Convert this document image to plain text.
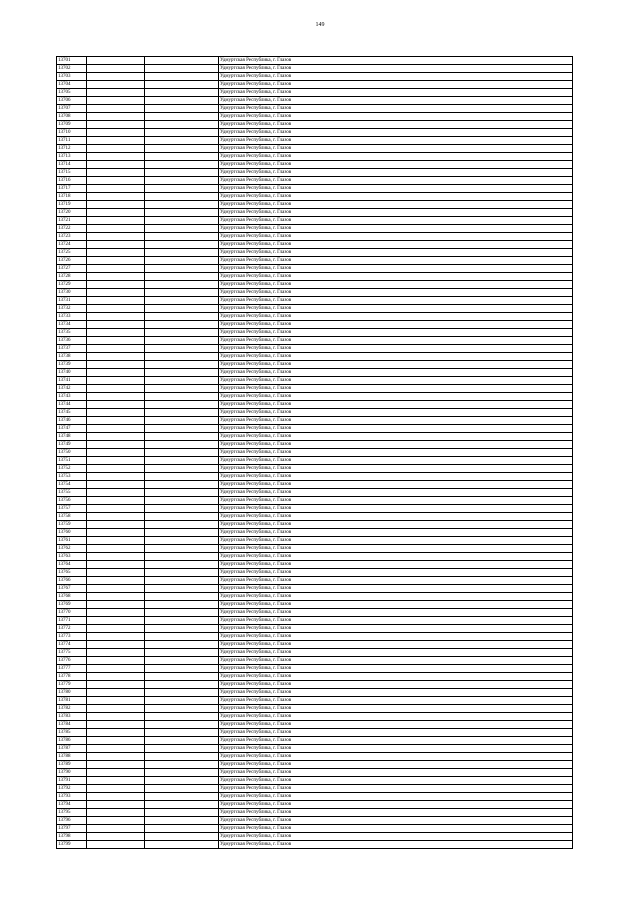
149
13701	Удмуртская Республика, г. Глазов
13702	Удмуртская Республика, г. Глазов
13703	Удмуртская Республика, г. Глазов
13704	Удмуртская Республика, г. Глазов
13705	Удмуртская Республика, г. Глазов
13706	Удмуртская Республика, г. Глазов
13707	Удмуртская Республика, г. Глазов
13708	Удмуртская Республика, г. Глазов
13709	Удмуртская Республика, г. Глазов
13710	Удмуртская Республика, г. Глазов
13711	Удмуртская Республика, г. Глазов
13712	Удмуртская Республика, г. Глазов
13713	Удмуртская Республика, г. Глазов
13714	Удмуртская Республика, г. Глазов
13715	Удмуртская Республика, г. Глазов
13716	Удмуртская Республика, г. Глазов
13717	Удмуртская Республика, г. Глазов
13718	Удмуртская Республика, г. Глазов
13719	Удмуртская Республика, г. Глазов
13720	Удмуртская Республика, г. Глазов
13721	Удмуртская Республика, г. Глазов
13722	Удмуртская Республика, г. Глазов
13723	Удмуртская Республика, г. Глазов
13724	Удмуртская Республика, г. Глазов
13725	Удмуртская Республика, г. Глазов
13726	Удмуртская Республика, г. Глазов
13727	Удмуртская Республика, г. Глазов
13728	Удмуртская Республика, г. Глазов
13729	Удмуртская Республика, г. Глазов
13730	Удмуртская Республика, г. Глазов
13731	Удмуртская Республика, г. Глазов
13732	Удмуртская Республика, г. Глазов
13733	Удмуртская Республика, г. Глазов
13734	Удмуртская Республика, г. Глазов
13735	Удмуртская Республика, г. Глазов
13736	Удмуртская Республика, г. Глазов
13737	Удмуртская Республика, г. Глазов
13738	Удмуртская Республика, г. Глазов
13739	Удмуртская Республика, г. Глазов
13740	Удмуртская Республика, г. Глазов
13741	Удмуртская Республика, г. Глазов
13742	Удмуртская Республика, г. Глазов
13743	Удмуртская Республика, г. Глазов
13744	Удмуртская Республика, г. Глазов
13745	Удмуртская Республика, г. Глазов
13746	Удмуртская Республика, г. Глазов
13747	Удмуртская Республика, г. Глазов
13748	Удмуртская Республика, г. Глазов
13749	Удмуртская Республика, г. Глазов
13750	Удмуртская Республика, г. Глазов
13751	Удмуртская Республика, г. Глазов
13752	Удмуртская Республика, г. Глазов
13753	Удмуртская Республика, г. Глазов
13754	Удмуртская Республика, г. Глазов
13755	Удмуртская Республика, г. Глазов
13756	Удмуртская Республика, г. Глазов
13757	Удмуртская Республика, г. Глазов
13758	Удмуртская Республика, г. Глазов
13759	Удмуртская Республика, г. Глазов
13760	Удмуртская Республика, г. Глазов
13761	Удмуртская Республика, г. Глазов
13762	Удмуртская Республика, г. Глазов
13763	Удмуртская Республика, г. Глазов
13764	Удмуртская Республика, г. Глазов
13765	Удмуртская Республика, г. Глазов
13766	Удмуртская Республика, г. Глазов
13767	Удмуртская Республика, г. Глазов
13768	Удмуртская Республика, г. Глазов
13769	Удмуртская Республика, г. Глазов
13770	Удмуртская Республика, г. Глазов
13771	Удмуртская Республика, г. Глазов
13772	Удмуртская Республика, г. Глазов
13773	Удмуртская Республика, г. Глазов
13774	Удмуртская Республика, г. Глазов
13775	Удмуртская Республика, г. Глазов
13776	Удмуртская Республика, г. Глазов
13777	Удмуртская Республика, г. Глазов
13778	Удмуртская Республика, г. Глазов
13779	Удмуртская Республика, г. Глазов
13780	Удмуртская Республика, г. Глазов
13781	Удмуртская Республика, г. Глазов
13782	Удмуртская Республика, г. Глазов
13783	Удмуртская Республика, г. Глазов
13784	Удмуртская Республика, г. Глазов
13785	Удмуртская Республика, г. Глазов
13786	Удмуртская Республика, г. Глазов
13787	Удмуртская Республика, г. Глазов
13788	Удмуртская Республика, г. Глазов
13789	Удмуртская Республика, г. Глазов
13790	Удмуртская Республика, г. Глазов
13791	Удмуртская Республика, г. Глазов
13792	Удмуртская Республика, г. Глазов
13793	Удмуртская Республика, г. Глазов
13794	Удмуртская Республика, г. Глазов
13795	Удмуртская Республика, г. Глазов
13796	Удмуртская Республика, г. Глазов
13797	Удмуртская Республика, г. Глазов
13798	Удмуртская Республика, г. Глазов
13799	Удмуртская Республика, г. Глазов
